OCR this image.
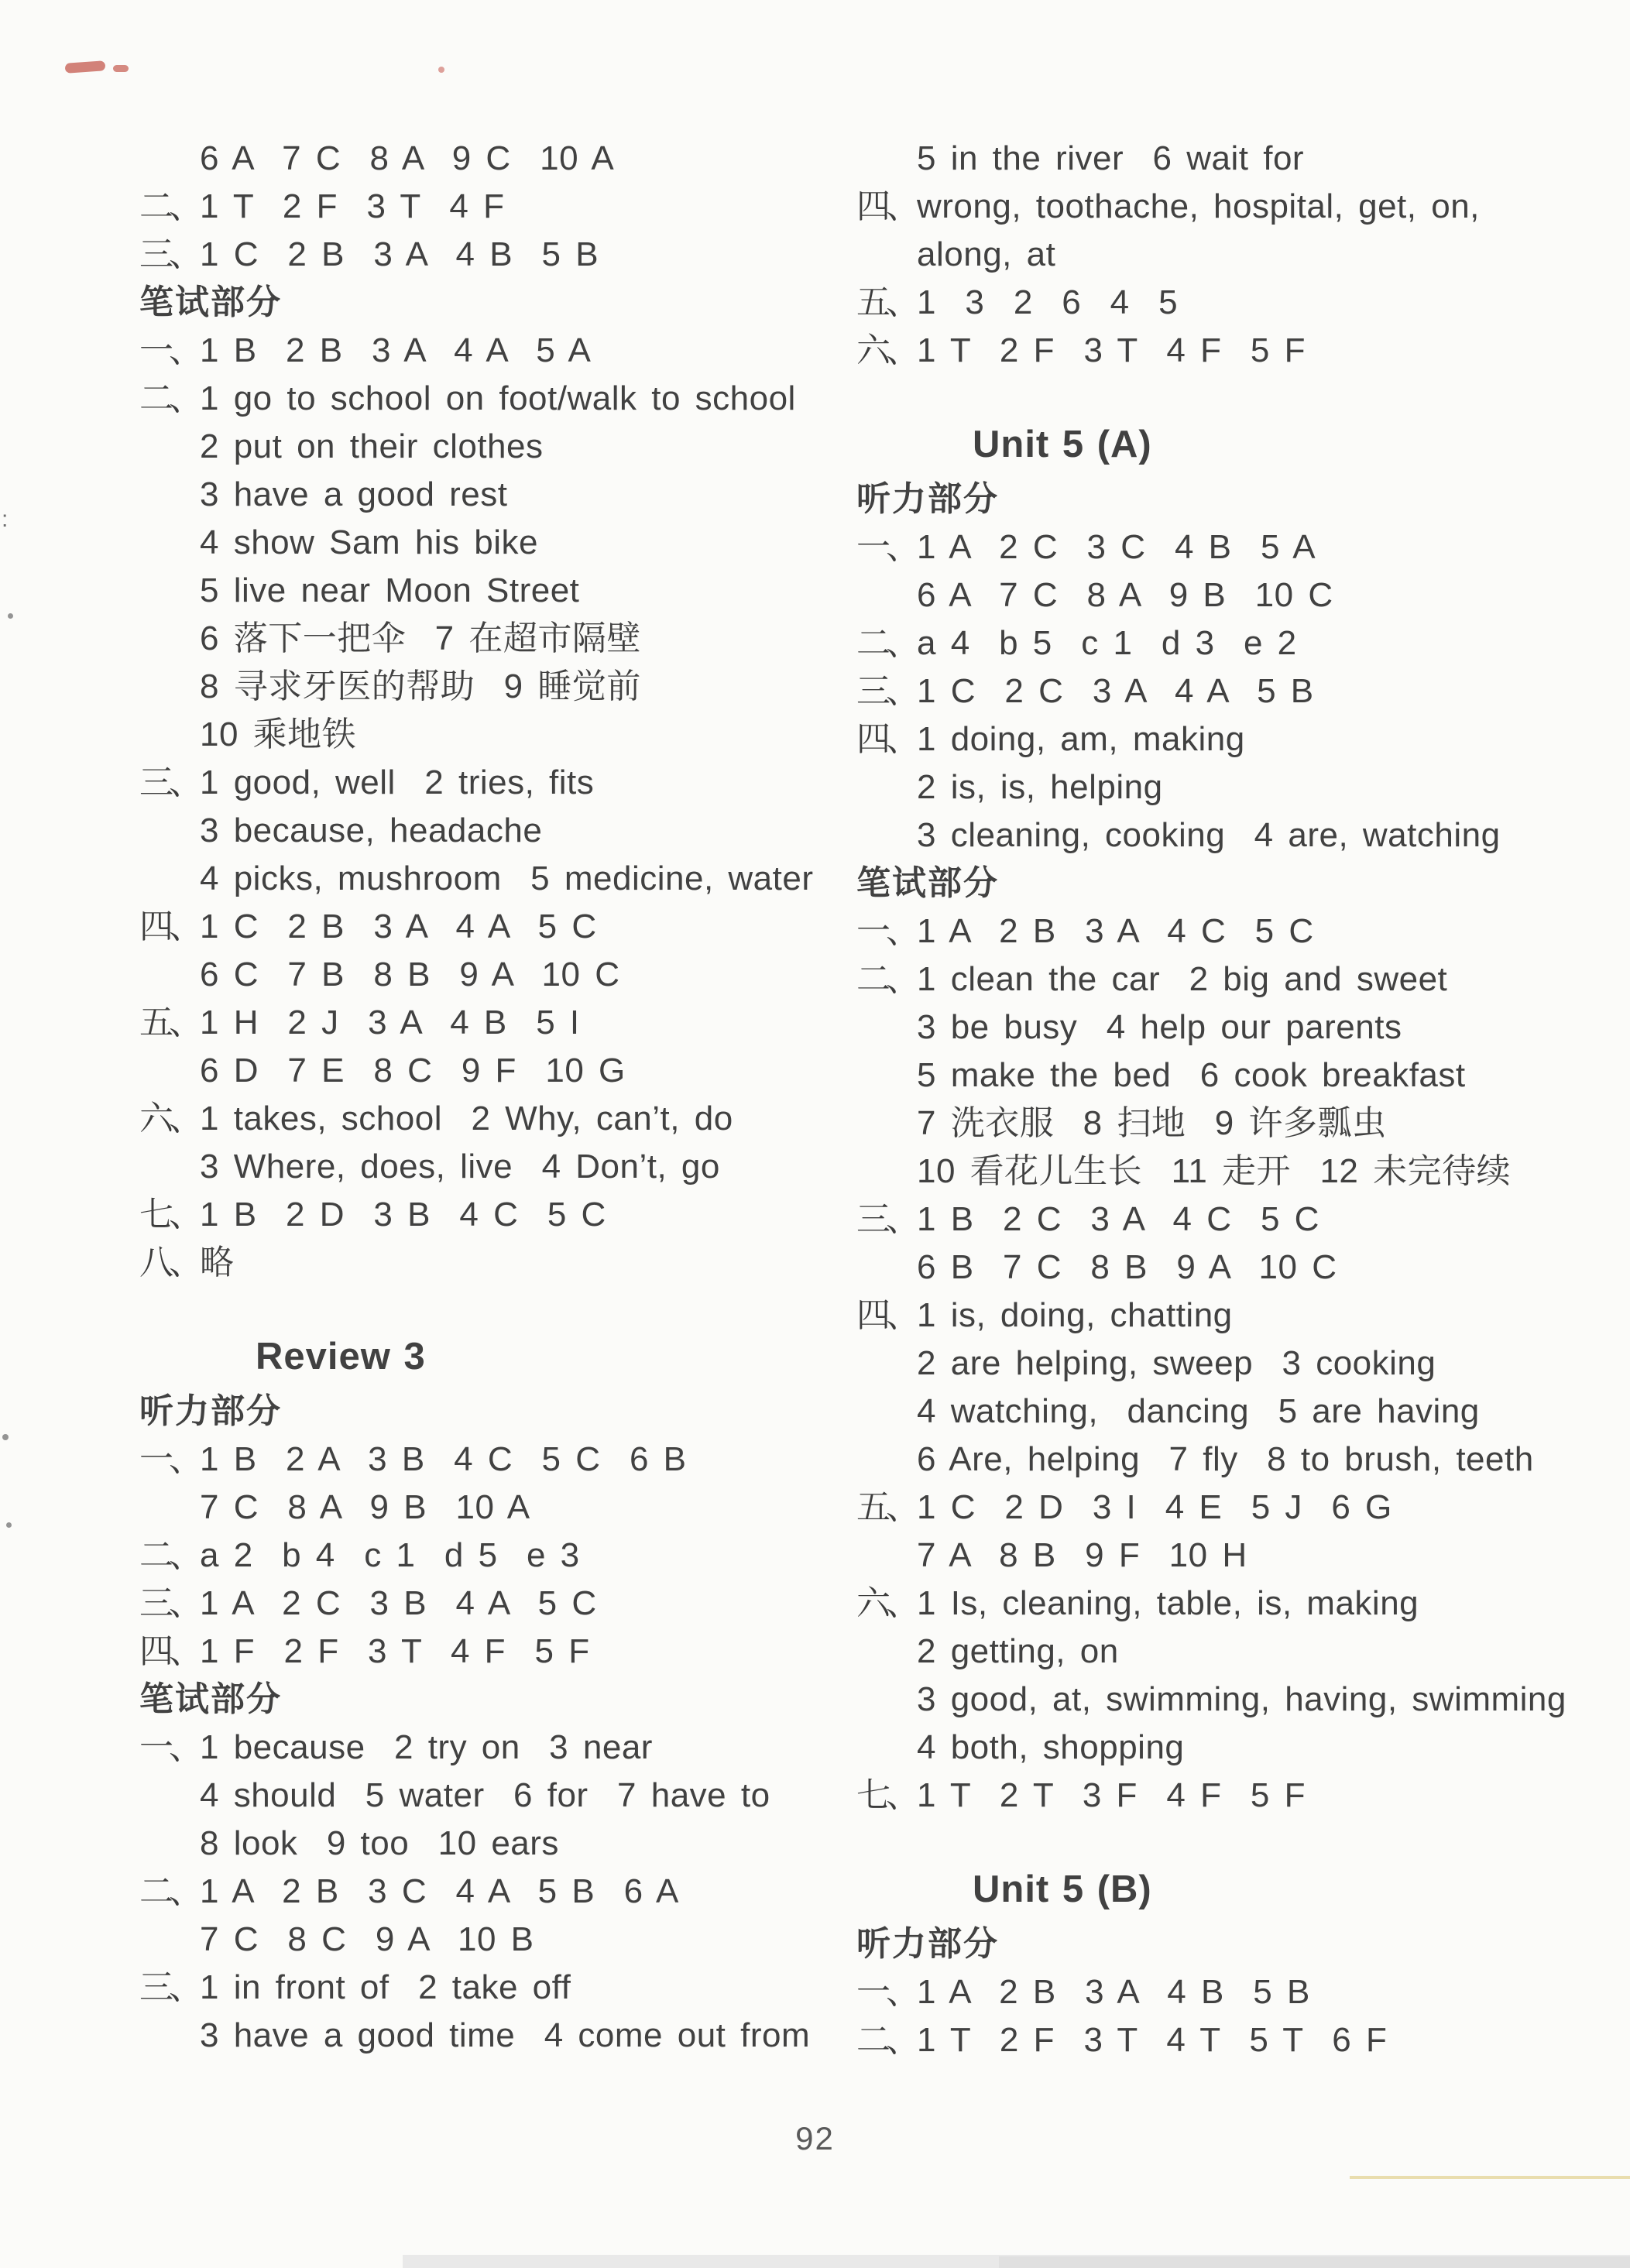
6 A  7 C  8 A  9 C  10 A
二、1 T  2 F  3 T  4 F
三、1 C  2 B  3 A  4 B  5 B
笔试部分
一、1 B  2 B  3 A  4 A  5 A
二、1 go to school on foot/walk to school
2 put on their clothes
3 have a good rest
4 show Sam his bike
5 live near Moon Street
6 落下一把伞  7 在超市隔壁
8 寻求牙医的帮助  9 睡觉前
10 乘地铁
三、1 good, well  2 tries, fits
3 because, headache
4 picks, mushroom  5 medicine, water
四、1 C  2 B  3 A  4 A  5 C
6 C  7 B  8 B  9 A  10 C
五、1 H  2 J  3 A  4 B  5 I
6 D  7 E  8 C  9 F  10 G
六、1 takes, school  2 Why, can’t, do
3 Where, does, live  4 Don’t, go
七、1 B  2 D  3 B  4 C  5 C
八、略
Review 3
听力部分
一、1 B  2 A  3 B  4 C  5 C  6 B
7 C  8 A  9 B  10 A
二、a 2  b 4  c 1  d 5  e 3
三、1 A  2 C  3 B  4 A  5 C
四、1 F  2 F  3 T  4 F  5 F
笔试部分
一、1 because  2 try on  3 near
4 should  5 water  6 for  7 have to
8 look  9 too  10 ears
二、1 A  2 B  3 C  4 A  5 B  6 A
7 C  8 C  9 A  10 B
三、1 in front of  2 take off
3 have a good time  4 come out from
5 in the river  6 wait for
四、wrong, toothache, hospital, get, on,
along, at
五、1  3  2  6  4  5
六、1 T  2 F  3 T  4 F  5 F
Unit 5 (A)
听力部分
一、1 A  2 C  3 C  4 B  5 A
6 A  7 C  8 A  9 B  10 C
二、a 4  b 5  c 1  d 3  e 2
三、1 C  2 C  3 A  4 A  5 B
四、1 doing, am, making
2 is, is, helping
3 cleaning, cooking  4 are, watching
笔试部分
一、1 A  2 B  3 A  4 C  5 C
二、1 clean the car  2 big and sweet
3 be busy  4 help our parents
5 make the bed  6 cook breakfast
7 洗衣服  8 扫地  9 许多瓢虫
10 看花儿生长  11 走开  12 未完待续
三、1 B  2 C  3 A  4 C  5 C
6 B  7 C  8 B  9 A  10 C
四、1 is, doing, chatting
2 are helping, sweep  3 cooking
4 watching,  dancing  5 are having
6 Are, helping  7 fly  8 to brush, teeth
五、1 C  2 D  3 I  4 E  5 J  6 G
7 A  8 B  9 F  10 H
六、1 Is, cleaning, table, is, making
2 getting, on
3 good, at, swimming, having, swimming
4 both, shopping
七、1 T  2 T  3 F  4 F  5 F
Unit 5 (B)
听力部分
一、1 A  2 B  3 A  4 B  5 B
二、1 T  2 F  3 T  4 T  5 T  6 F
92
:
